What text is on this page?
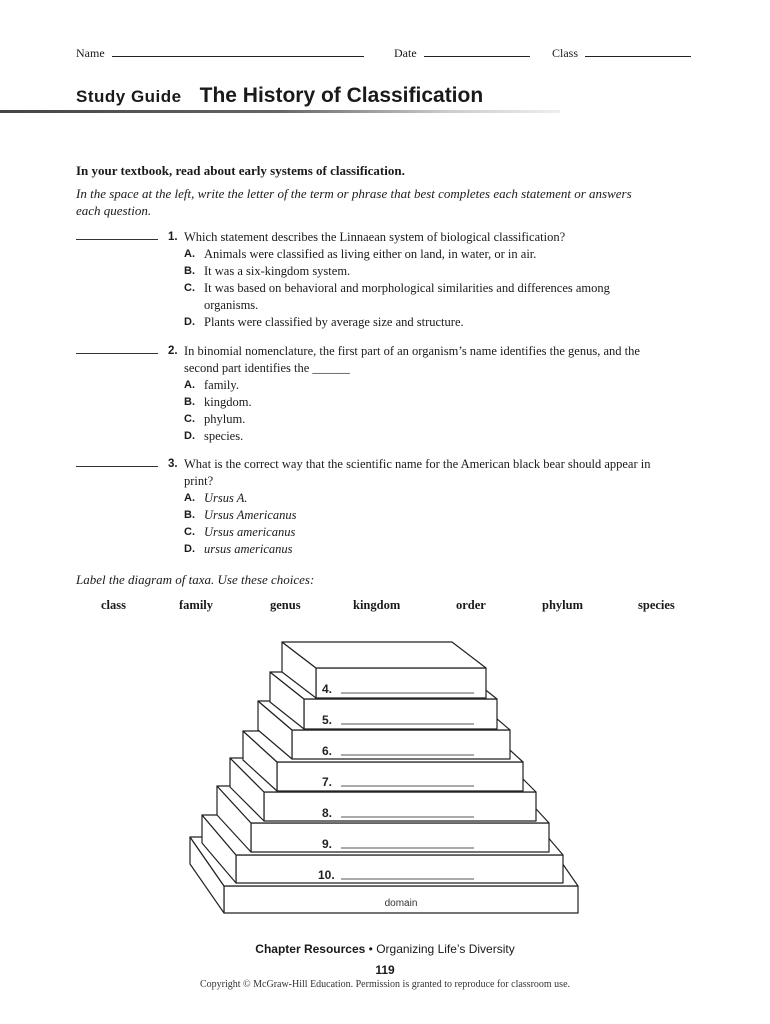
Name	Date	Class
Study Guide The History of Classification
In your textbook, read about early systems of classification.
In the space at the left, write the letter of the term or phrase that best completes each statement or answers each question.
1. Which statement describes the Linnaean system of biological classification?
A. Animals were classified as living either on land, in water, or in air.
B. It was a six-kingdom system.
C. It was based on behavioral and morphological similarities and differences among organisms.
D. Plants were classified by average size and structure.
2. In binomial nomenclature, the first part of an organism’s name identifies the genus, and the second part identifies the ______
A. family.
B. kingdom.
C. phylum.
D. species.
3. What is the correct way that the scientific name for the American black bear should appear in print?
A. Ursus A.
B. Ursus Americanus
C. Ursus americanus
D. ursus americanus
Label the diagram of taxa. Use these choices:
class	family	genus	kingdom	order	phylum	species
4.
5.
6.
7.
8.
9.
10.
domain
Chapter Resources • Organizing Life’s Diversity
119
Copyright © McGraw-Hill Education. Permission is granted to reproduce for classroom use.
